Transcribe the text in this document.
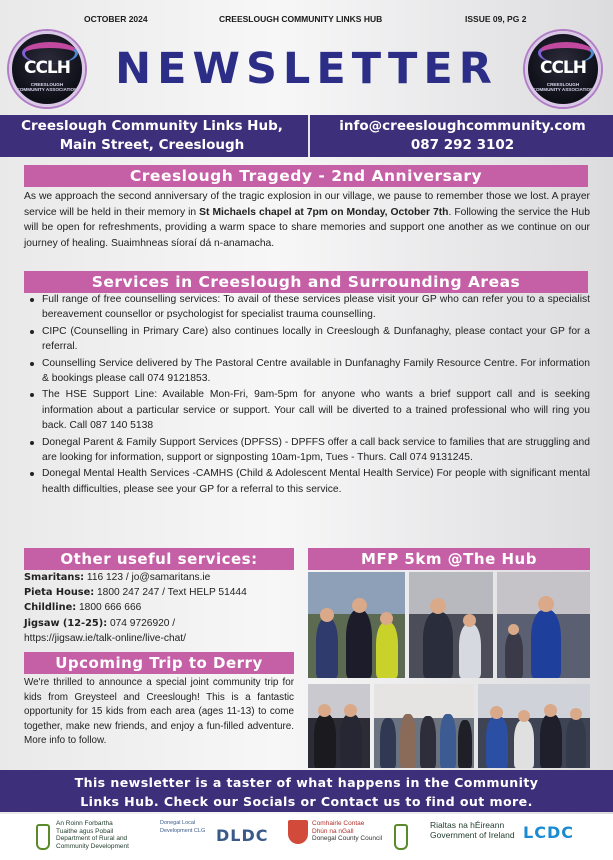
OCTOBER 2024	CREESLOUGH COMMUNITY LINKS HUB	ISSUE 09, PG 2
CCLH
CREESLOUGH COMMUNITY ASSOCIATION
CCLH
CREESLOUGH COMMUNITY ASSOCIATION
NEWSLETTER
Creeslough Community Links Hub,
Main Street, Creeslough
info@creesloughcommunity.com
087 292 3102
Creeslough Tragedy - 2nd Anniversary
As we approach the second anniversary of the tragic explosion in our village, we pause to remember those we lost. A prayer service will be held in their memory in St Michaels chapel at 7pm on Monday, October 7th. Following the service the Hub will be open for refreshments, providing a warm space to share memories and support one another as we continue on our journey of healing. Suaimhneas síoraí dá n-anamacha.
Services in Creeslough and Surrounding Areas
Full range of free counselling services: To avail of these services please visit your GP who can refer you to a specialist bereavement counsellor or psychologist for specialist trauma counselling.
CIPC (Counselling in Primary Care) also continues locally in Creeslough & Dunfanaghy, please contact your GP for a referral.
Counselling Service delivered by The Pastoral Centre available in Dunfanaghy Family Resource Centre. For information & bookings please call 074 9121853.
The HSE Support Line: Available Mon-Fri, 9am-5pm for anyone who wants a brief support call and is seeking information about a particular service or support. Your call will be diverted to a trained professional who will ring you back. Call 087 140 5138
Donegal Parent & Family Support Services (DPFSS) - DPFFS offer a call back service to families that are struggling and are looking for information, support or signposting 10am-1pm, Tues - Thurs. Call 074 9131245.
Donegal Mental Health Services -CAMHS (Child & Adolescent Mental Health Service) For people with significant mental health difficulties, please see your GP for a referral to this service.
Other useful services:
Smaritans: 116 123 / jo@samaritans.ie
Pieta House: 1800 247 247 / Text HELP 51444
Childline: 1800 666 666
Jigsaw (12-25): 074 9726920 /
https://jigsaw.ie/talk-online/live-chat/
MFP 5km @The Hub
Upcoming Trip to Derry
We're thrilled to announce a special joint community trip for kids from Greysteel and Creeslough! This is a fantastic opportunity for 15 kids from each area (ages 11-13) to come together, make new friends, and enjoy a fun-filled adventure. More info to follow.
This newsletter is a taster of what happens in the Community
Links Hub. Check our Socials or Contact us to find out more.
An Roinn Forbartha
Tuaithe agus Pobail
Department of Rural and
Community Development
Donegal Local
Development CLG DLDC
Comhairle Contae
Dhún na nGall
Donegal County Council
Rialtas na hÉireann
Government of Ireland LCDC
